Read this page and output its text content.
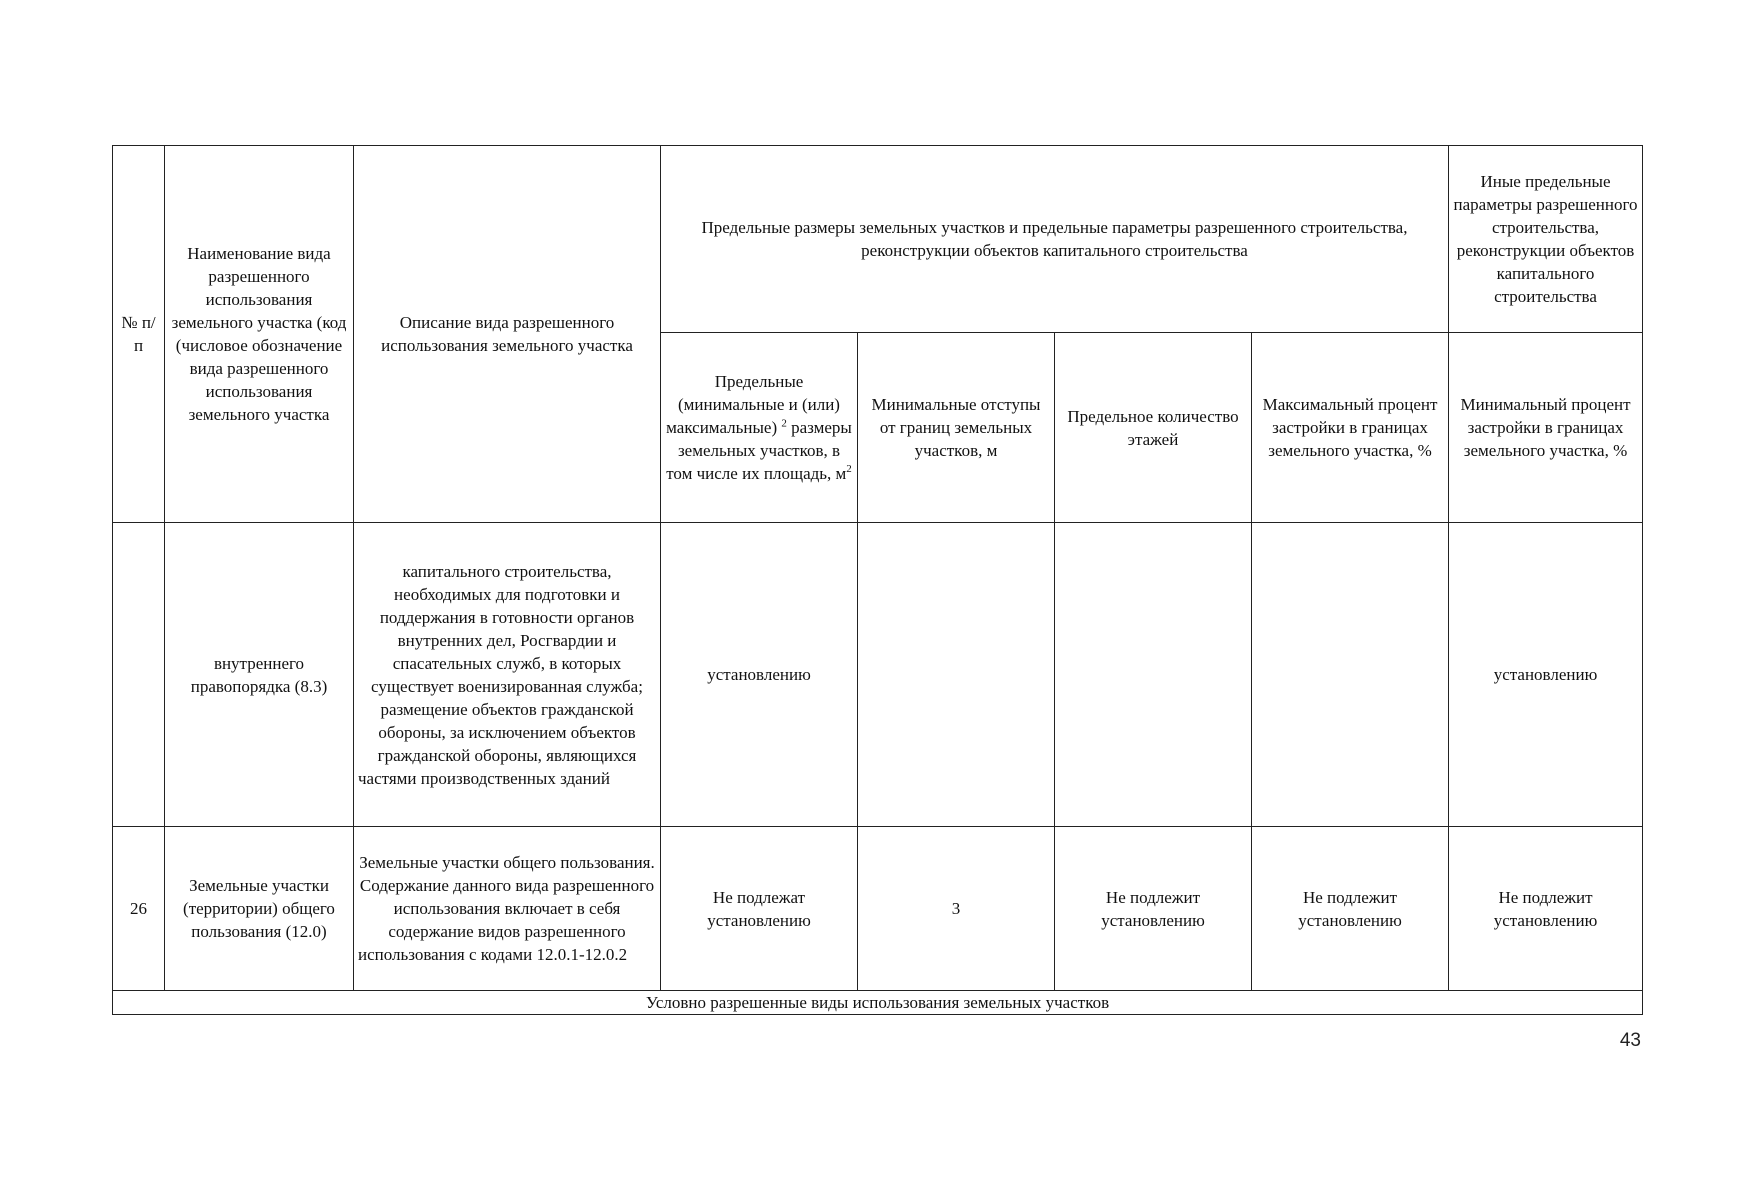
№ п/п	Наименование вида разрешенного использования земельного участка (код (числовое обозначение вида разрешенного использования земельного участка	Описание вида разрешенного использования земельного участка	Предельные размеры земельных участков и предельные параметры разрешенного строительства, реконструкции объектов капитального строительства				Иные предельные параметры разрешенного строительства, реконструкции объектов капитального строительства
			Предельные (минимальные и (или) максимальные) $^2$ размеры земельных участков, в том числе их площадь, $м^2$	Минимальные отступы от границ земельных участков, м	Предельное количество этажей	Максимальный процент застройки в границах земельного участка, %	Минимальный процент застройки в границах земельного участка, %
	внутреннего правопорядка (8.3)	капитального строительства, необходимых для подготовки и поддержания в готовности органов внутренних дел, Росгвардии и спасательных служб, в которых существует военизированная служба; размещение объектов гражданской обороны, за исключением объектов гражданской обороны, являющихся частями производственных зданий	установлению				установлению
26	Земельные участки (территории) общего пользования (12.0)	Земельные участки общего пользования. Содержание данного вида разрешенного использования включает в себя содержание видов разрешенного использования с кодами 12.0.1-12.0.2	Не подлежат установлению	3	Не подлежит установлению	Не подлежит установлению	Не подлежит установлению
Условно разрешенные виды использования земельных участков							
43
